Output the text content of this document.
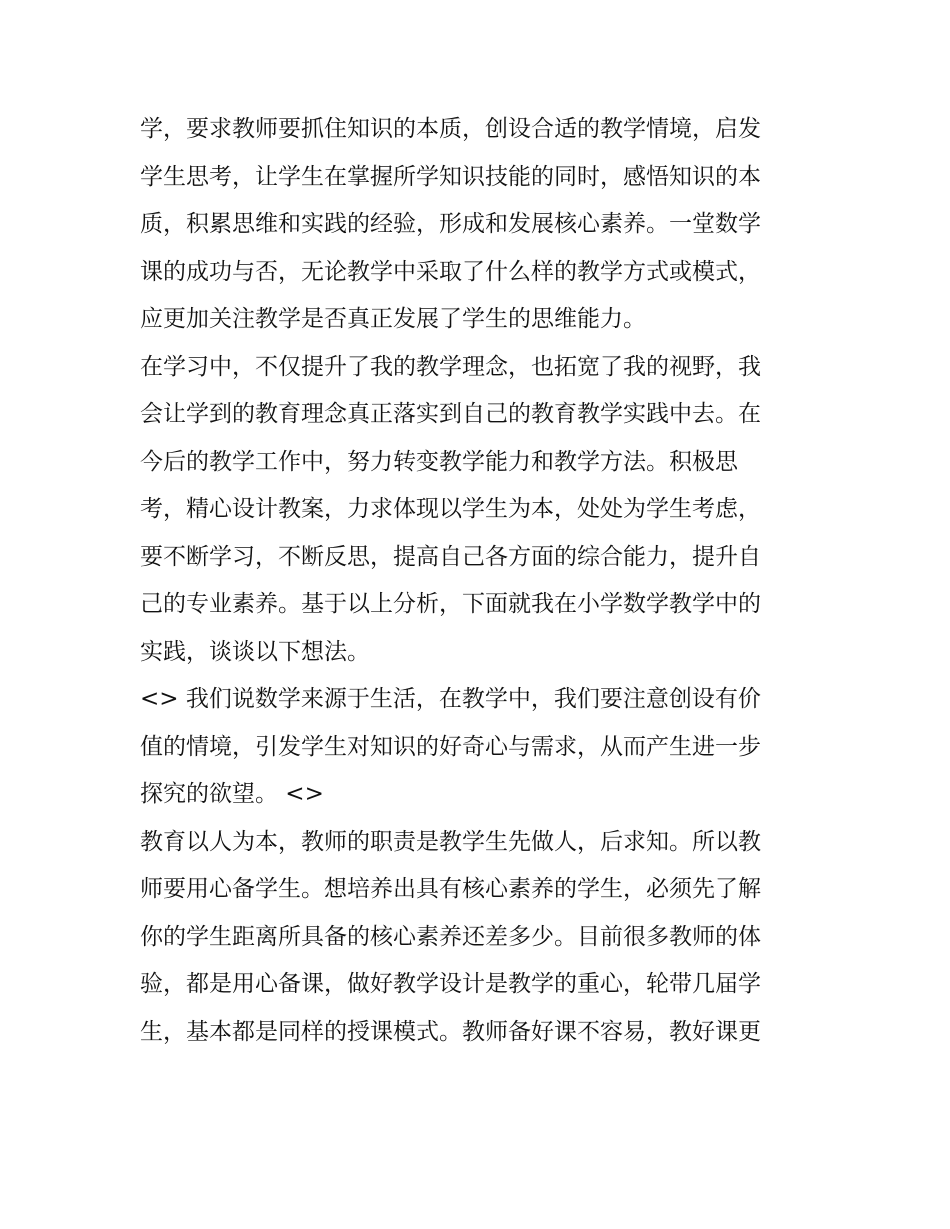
学，要求教师要抓住知识的本质，创设合适的教学情境，启发
学生思考，让学生在掌握所学知识技能的同时，感悟知识的本
质，积累思维和实践的经验，形成和发展核心素养。一堂数学
课的成功与否，无论教学中采取了什么样的教学方式或模式，
应更加关注教学是否真正发展了学生的思维能力。
在学习中，不仅提升了我的教学理念，也拓宽了我的视野，我
会让学到的教育理念真正落实到自己的教育教学实践中去。在
今后的教学工作中，努力转变教学能力和教学方法。积极思
考，精心设计教案，力求体现以学生为本，处处为学生考虑，
要不断学习，不断反思，提高自己各方面的综合能力，提升自
己的专业素养。基于以上分析，下面就我在小学数学教学中的
实践，谈谈以下想法。
<> 我们说数学来源于生活，在教学中，我们要注意创设有价
值的情境，引发学生对知识的好奇心与需求，从而产生进一步
探究的欲望。 <>
教育以人为本，教师的职责是教学生先做人，后求知。所以教
师要用心备学生。想培养出具有核心素养的学生，必须先了解
你的学生距离所具备的核心素养还差多少。目前很多教师的体
验，都是用心备课，做好教学设计是教学的重心，轮带几届学
生，基本都是同样的授课模式。教师备好课不容易，教好课更
